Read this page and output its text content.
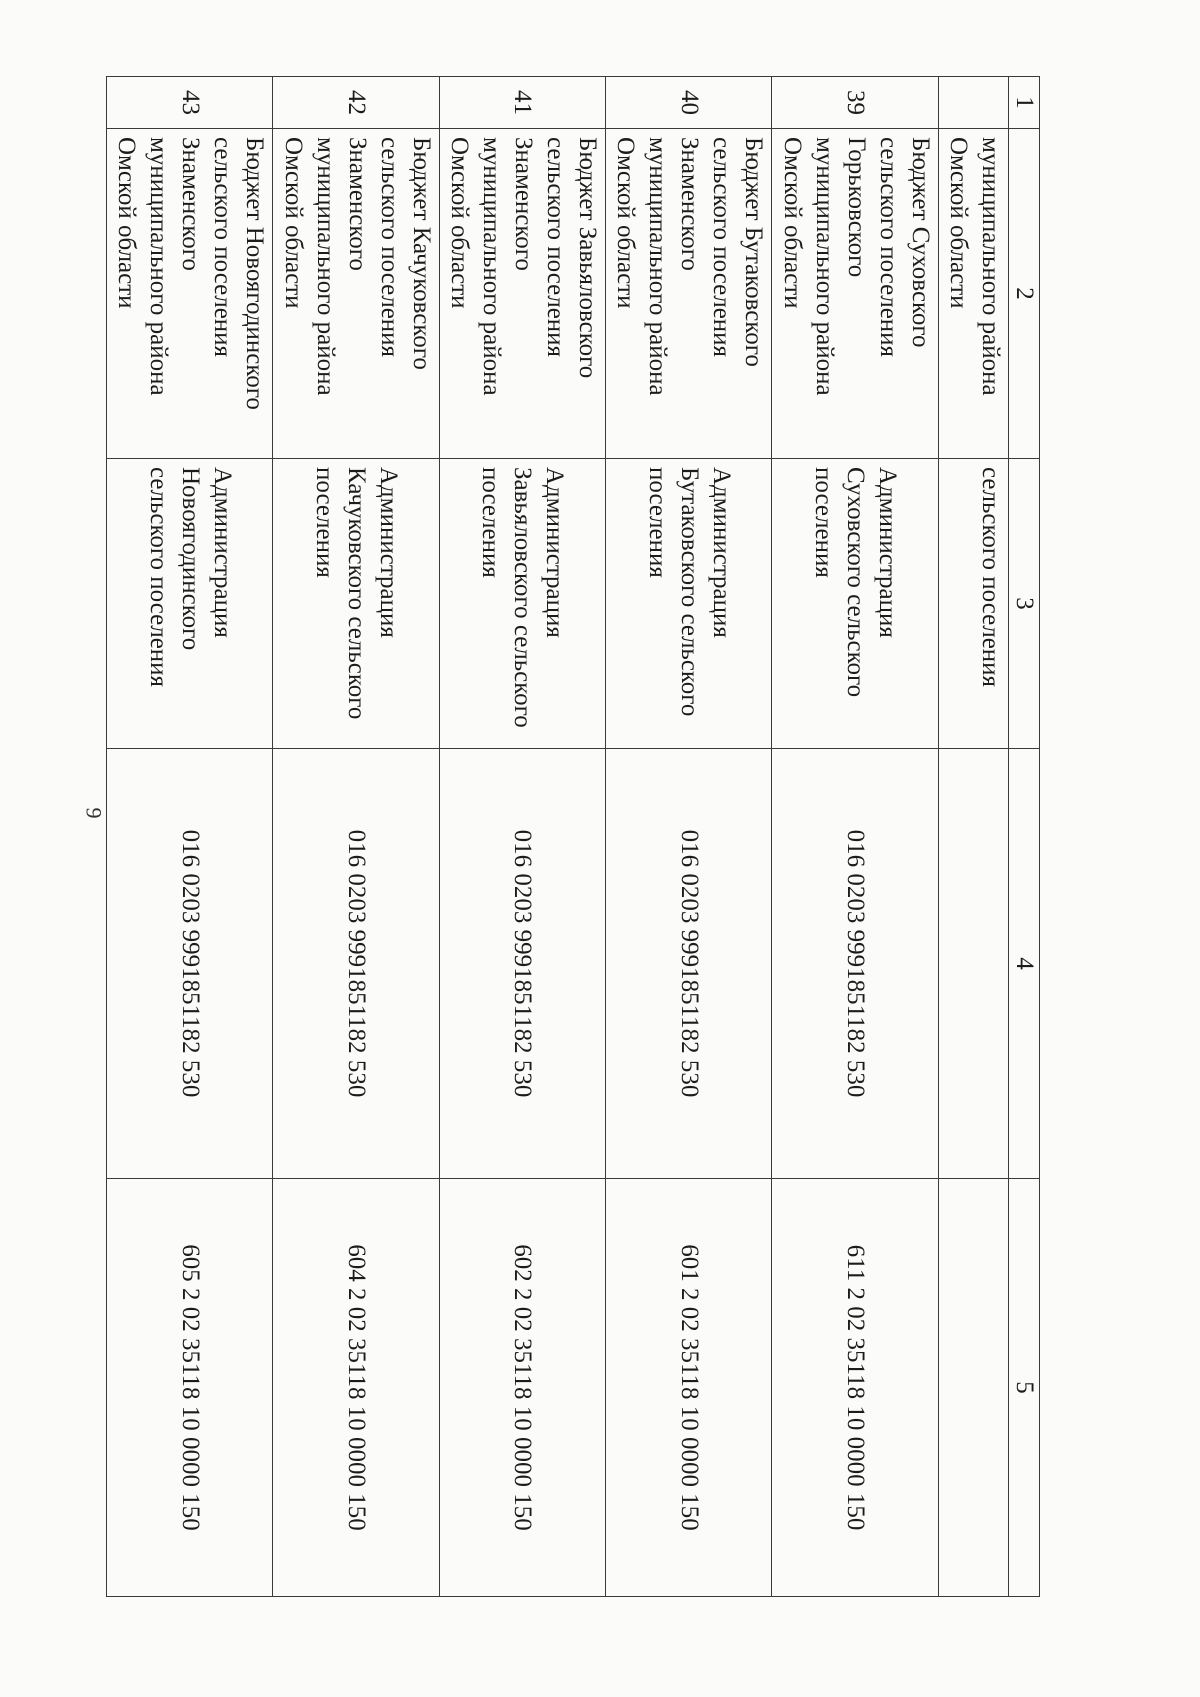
9
1	2	3	4	5
	муниципального района Омской области	сельского поселения		
39	Бюджет Суховского сельского поселения Горьковского муниципального района Омской области	Администрация Суховского сельского поселения	016 0203 9991851182 530	611 2 02 35118 10 0000 150
40	Бюджет Бутаковского сельского поселения Знаменского муниципального района Омской области	Администрация Бутаковского сельского поселения	016 0203 9991851182 530	601 2 02 35118 10 0000 150
41	Бюджет Завьяловского сельского поселения Знаменского муниципального района Омской области	Администрация Завьяловского сельского поселения	016 0203 9991851182 530	602 2 02 35118 10 0000 150
42	Бюджет Качуковского сельского поселения Знаменского муниципального района Омской области	Администрация Качуковского сельского поселения	016 0203 9991851182 530	604 2 02 35118 10 0000 150
43	Бюджет Новоягодинского сельского поселения Знаменского муниципального района Омской области	Администрация Новоягодинского сельского поселения	016 0203 9991851182 530	605 2 02 35118 10 0000 150
